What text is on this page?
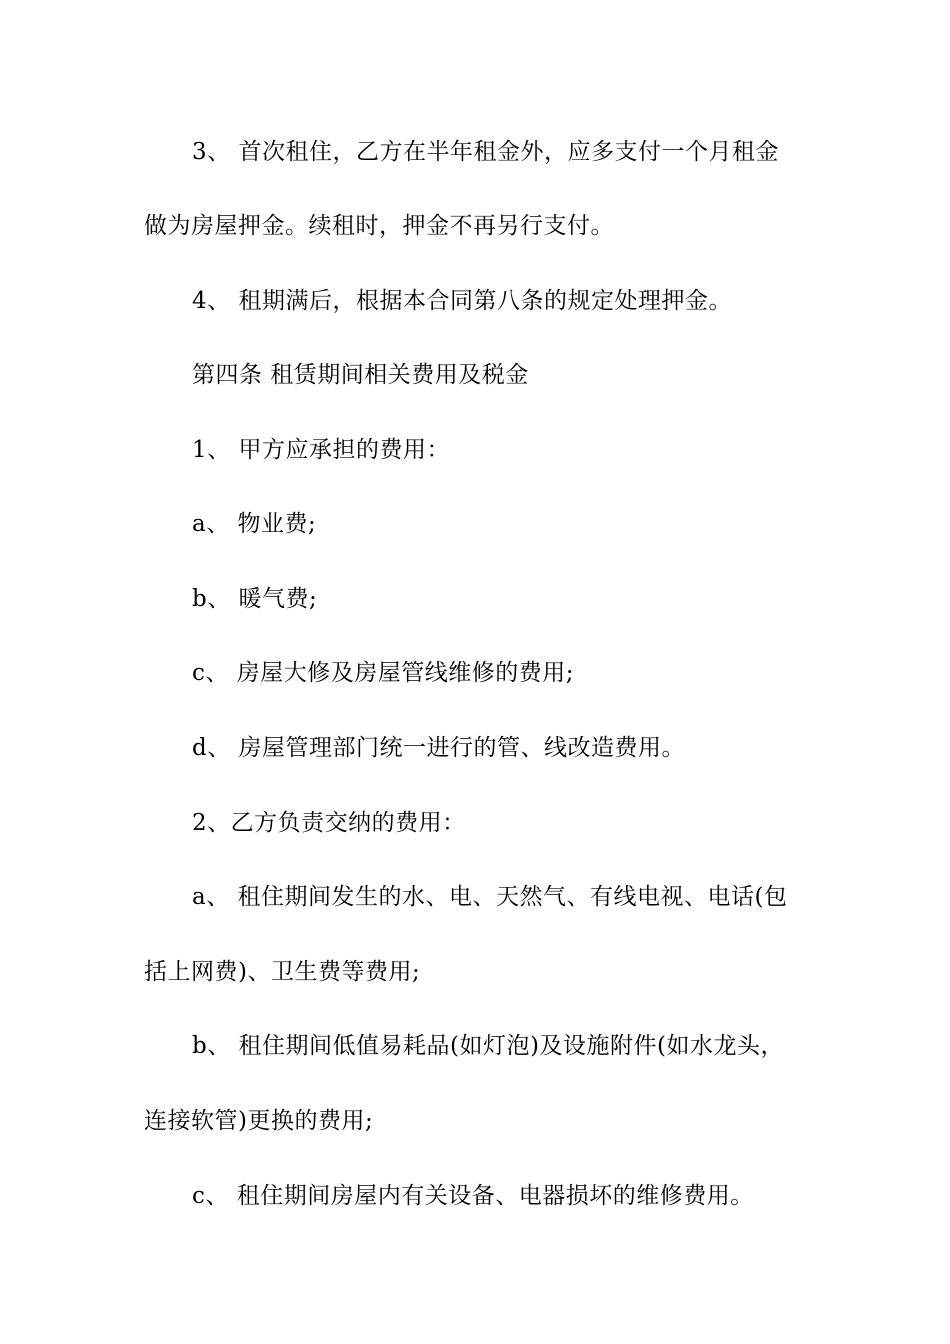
3、 首次租住，乙方在半年租金外，应多支付一个月租金
做为房屋押金。续租时，押金不再另行支付。
4、 租期满后，根据本合同第八条的规定处理押金。
第四条 租赁期间相关费用及税金
1、 甲方应承担的费用：
a、 物业费;
b、 暖气费;
c、 房屋大修及房屋管线维修的费用;
d、 房屋管理部门统一进行的管、线改造费用。
2、乙方负责交纳的费用：
a、 租住期间发生的水、电、天然气、有线电视、电话(包
括上网费)、卫生费等费用;
b、 租住期间低值易耗品(如灯泡)及设施附件(如水龙头，
连接软管)更换的费用;
c、 租住期间房屋内有关设备、电器损坏的维修费用。
